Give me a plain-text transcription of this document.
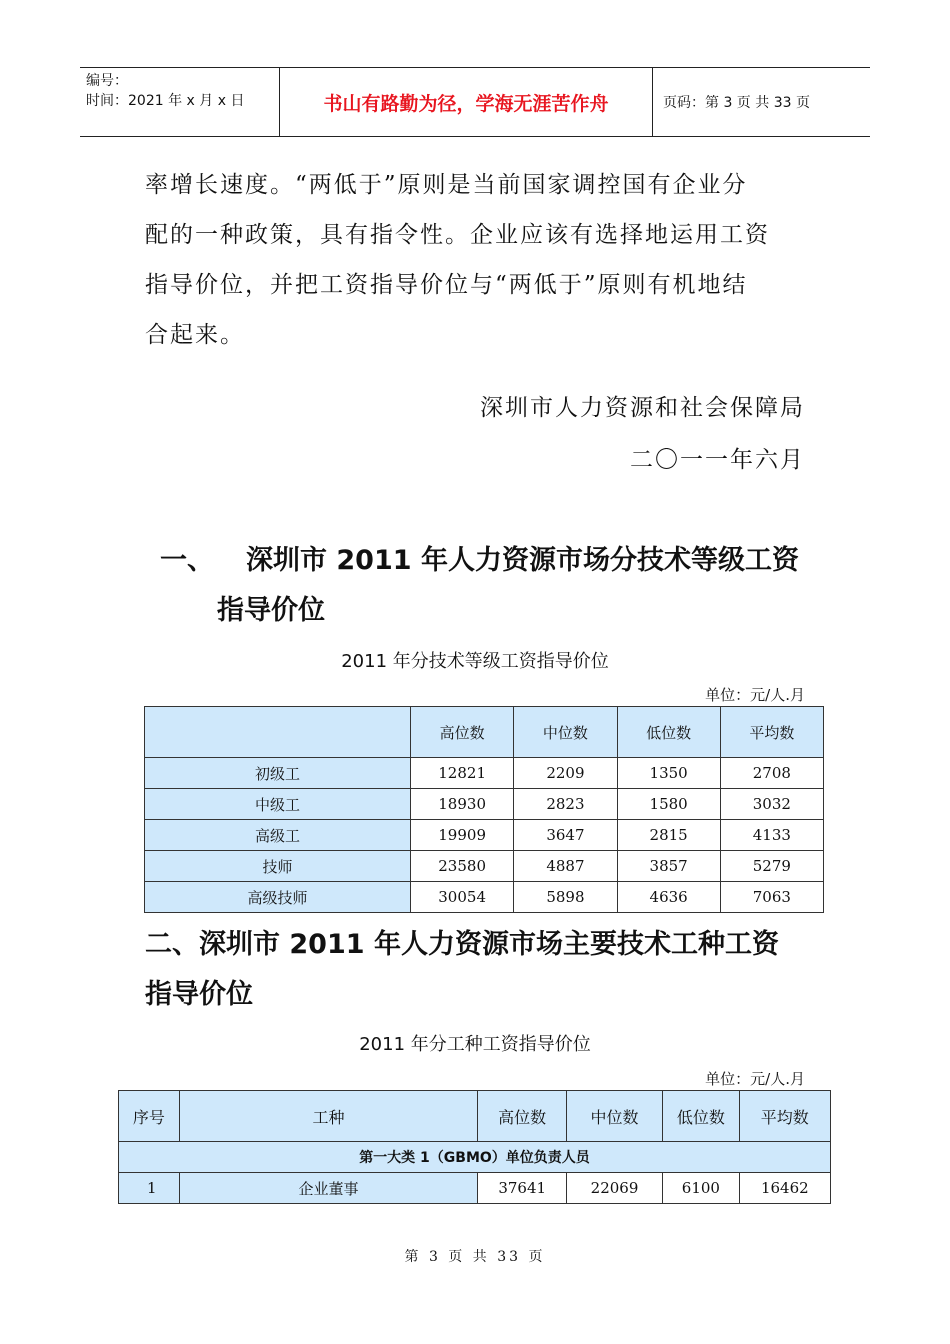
编号：
时间：2021 年 x 月 x 日	书山有路勤为径，学海无涯苦作舟	页码：第 3 页 共 33 页

率增长速度。“两低于”原则是当前国家调控国有企业分

配的一种政策，具有指令性。企业应该有选择地运用工资

指导价位，并把工资指导价位与“两低于”原则有机地结

合起来。

深圳市人力资源和社会保障局
二〇一一年六月
一、 深圳市 2011 年人力资源市场分技术等级工资
指导价位
2011 年分技术等级工资指导价位
单位：元/人.月
	高位数	中位数	低位数	平均数
初级工	12821	2209	1350	2708
中级工	18930	2823	1580	3032
高级工	19909	3647	2815	4133
技师	23580	4887	3857	5279
高级技师	30054	5898	4636	7063
二、深圳市 2011 年人力资源市场主要技术工种工资
指导价位
2011 年分工种工资指导价位
单位：元/人.月
序号	工种	高位数	中位数	低位数	平均数
第一大类 1（GBMO）单位负责人员					
1	企业董事	37641	22069	6100	16462
第 3 页 共 33 页
